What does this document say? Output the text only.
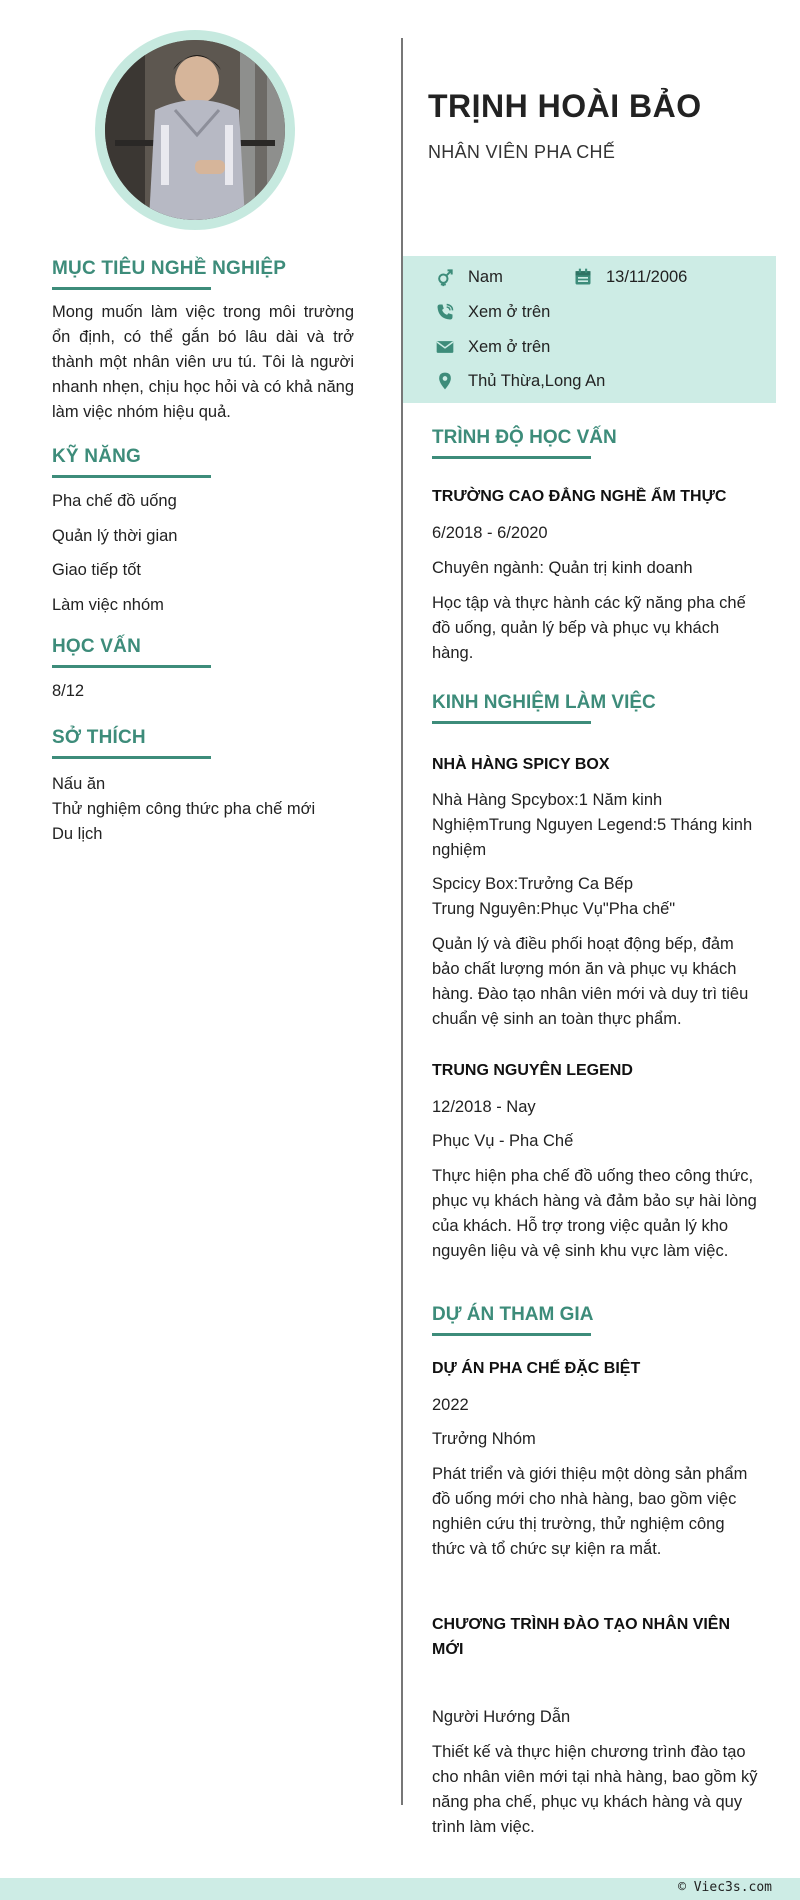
MỤC TIÊU NGHỀ NGHIỆP
Mong muốn làm việc trong môi trường ổn định, có thể gắn bó lâu dài và trở thành một nhân viên ưu tú. Tôi là người nhanh nhẹn, chịu học hỏi và có khả năng làm việc nhóm hiệu quả.
KỸ NĂNG
Pha chế đồ uống
Quản lý thời gian
Giao tiếp tốt
Làm việc nhóm
HỌC VẤN
8/12
SỞ THÍCH
Nấu ăn
Thử nghiệm công thức pha chế mới
Du lịch
TRỊNH HOÀI BẢO
NHÂN VIÊN PHA CHẾ
Nam	13/11/2006
Xem ở trên
Xem ở trên
Thủ Thừa,Long An
TRÌNH ĐỘ HỌC VẤN
TRƯỜNG CAO ĐẲNG NGHỀ ẨM THỰC
6/2018 - 6/2020
Chuyên ngành: Quản trị kinh doanh
Học tập và thực hành các kỹ năng pha chế đồ uống, quản lý bếp và phục vụ khách hàng.
KINH NGHIỆM LÀM VIỆC
NHÀ HÀNG SPICY BOX
Nhà Hàng Spcybox:1 Năm kinh NghiệmTrung Nguyen Legend:5 Tháng kinh nghiệm
Spcicy Box:Trưởng Ca Bếp
Trung Nguyên:Phục Vụ"Pha chế"
Quản lý và điều phối hoạt động bếp, đảm bảo chất lượng món ăn và phục vụ khách hàng. Đào tạo nhân viên mới và duy trì tiêu chuẩn vệ sinh an toàn thực phẩm.
TRUNG NGUYÊN LEGEND
12/2018 - Nay
Phục Vụ - Pha Chế
Thực hiện pha chế đồ uống theo công thức, phục vụ khách hàng và đảm bảo sự hài lòng của khách. Hỗ trợ trong việc quản lý kho nguyên liệu và vệ sinh khu vực làm việc.
DỰ ÁN THAM GIA
DỰ ÁN PHA CHẾ ĐẶC BIỆT
2022
Trưởng Nhóm
Phát triển và giới thiệu một dòng sản phẩm đồ uống mới cho nhà hàng, bao gồm việc nghiên cứu thị trường, thử nghiệm công thức và tổ chức sự kiện ra mắt.
CHƯƠNG TRÌNH ĐÀO TẠO NHÂN VIÊN MỚI
Người Hướng Dẫn
Thiết kế và thực hiện chương trình đào tạo cho nhân viên mới tại nhà hàng, bao gồm kỹ năng pha chế, phục vụ khách hàng và quy trình làm việc.
© Viec3s.com
